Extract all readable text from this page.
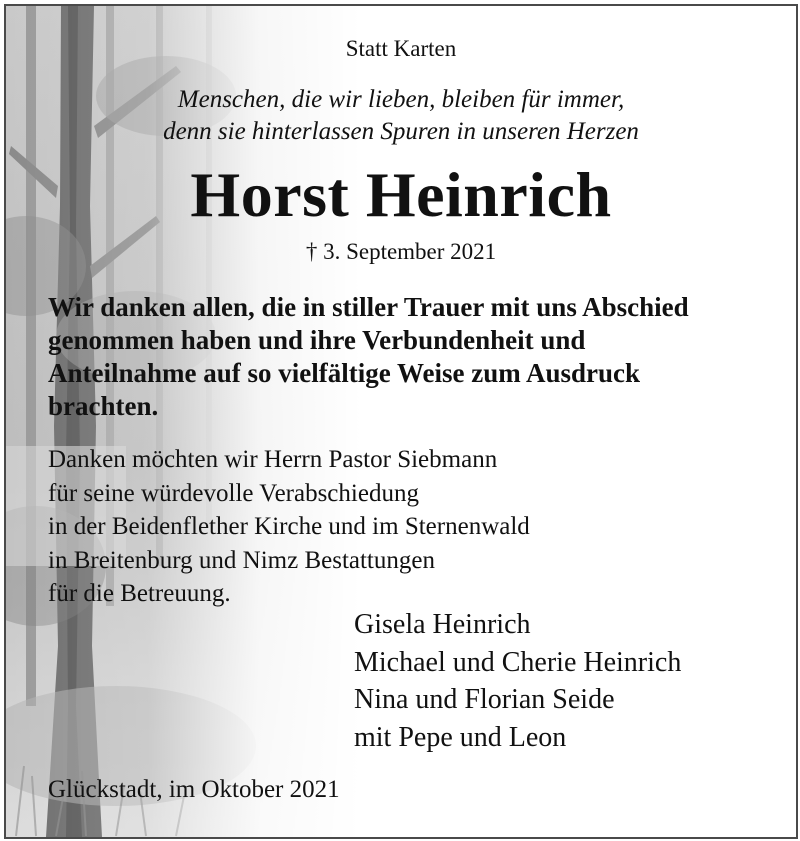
Statt Karten

Menschen, die wir lieben, bleiben für immer,

denn sie hinterlassen Spuren in unseren Herzen

Horst Heinrich

† 3. September 2021

Wir danken allen, die in stiller Trauer mit uns Abschied
genommen haben und ihre Verbundenheit und
Anteilnahme auf so vielfältige Weise zum Ausdruck
brachten.
Danken möchten wir Herrn Pastor Siebmann
für seine würdevolle Verabschiedung
in der Beidenflether Kirche und im Sternenwald
in Breitenburg und Nimz Bestattungen
für die Betreuung.
Gisela Heinrich
Michael und Cherie Heinrich
Nina und Florian Seide
mit Pepe und Leon

Glückstadt, im Oktober 2021
